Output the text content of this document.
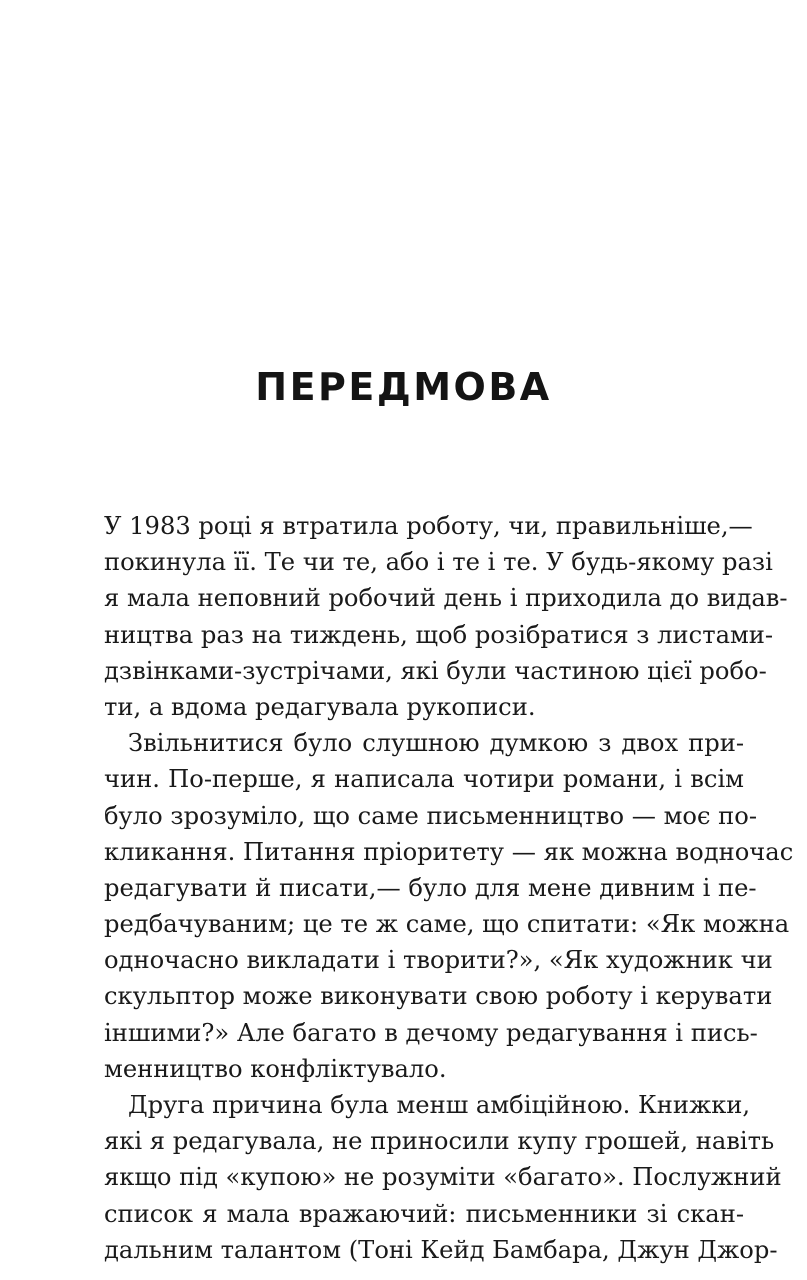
ПЕРЕДМОВА
У 1983 році я втратила роботу, чи, правильніше,—
покинула її. Те чи те, або і те і те. У будь-якому разі
я мала неповний робочий день і приходила до видав-
ництва раз на тиждень, щоб розібратися з листами-
дзвінками-зустрічами, які були частиною цієї робо-
ти, а вдома редагувала рукописи.
Звільнитися було слушною думкою з двох при-
чин. По-перше, я написала чотири романи, і всім
було зрозуміло, що саме письменництво — моє по-
кликання. Питання пріоритету — як можна водночас
редагувати й писати,— було для мене дивним і пе-
редбачуваним; це те ж саме, що спитати: «Як можна
одночасно викладати і творити?», «Як художник чи
скульптор може виконувати свою роботу і керувати
іншими?» Але багато в дечому редагування і пись-
менництво конфліктувало.
Друга причина була менш амбіційною. Книжки,
які я редагувала, не приносили купу грошей, навіть
якщо під «купою» не розуміти «багато». Послужний
список я мала вражаючий: письменники зі скан-
дальним талантом (Тоні Кейд Бамбара, Джун Джор-
